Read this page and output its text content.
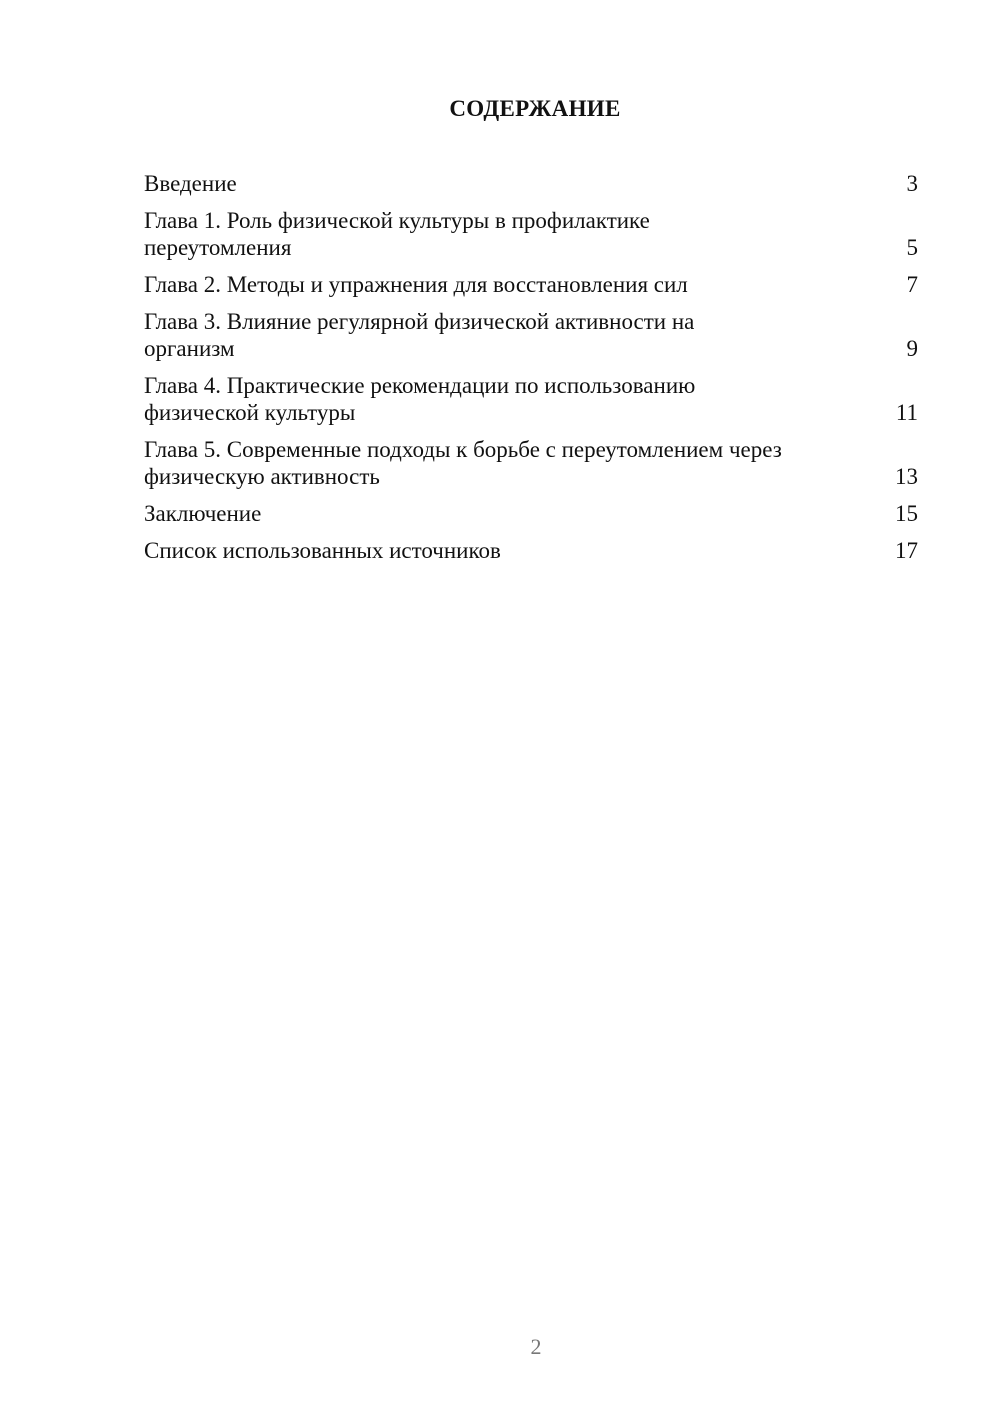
СОДЕРЖАНИЕ
Введение	3
Глава 1. Роль физической культуры в профилактике переутомления	5
Глава 2. Методы и упражнения для восстановления сил	7
Глава 3. Влияние регулярной физической активности на организм	9
Глава 4. Практические рекомендации по использованию физической культуры	11
Глава 5. Современные подходы к борьбе с переутомлением через физическую активность	13
Заключение	15
Список использованных источников	17
2
